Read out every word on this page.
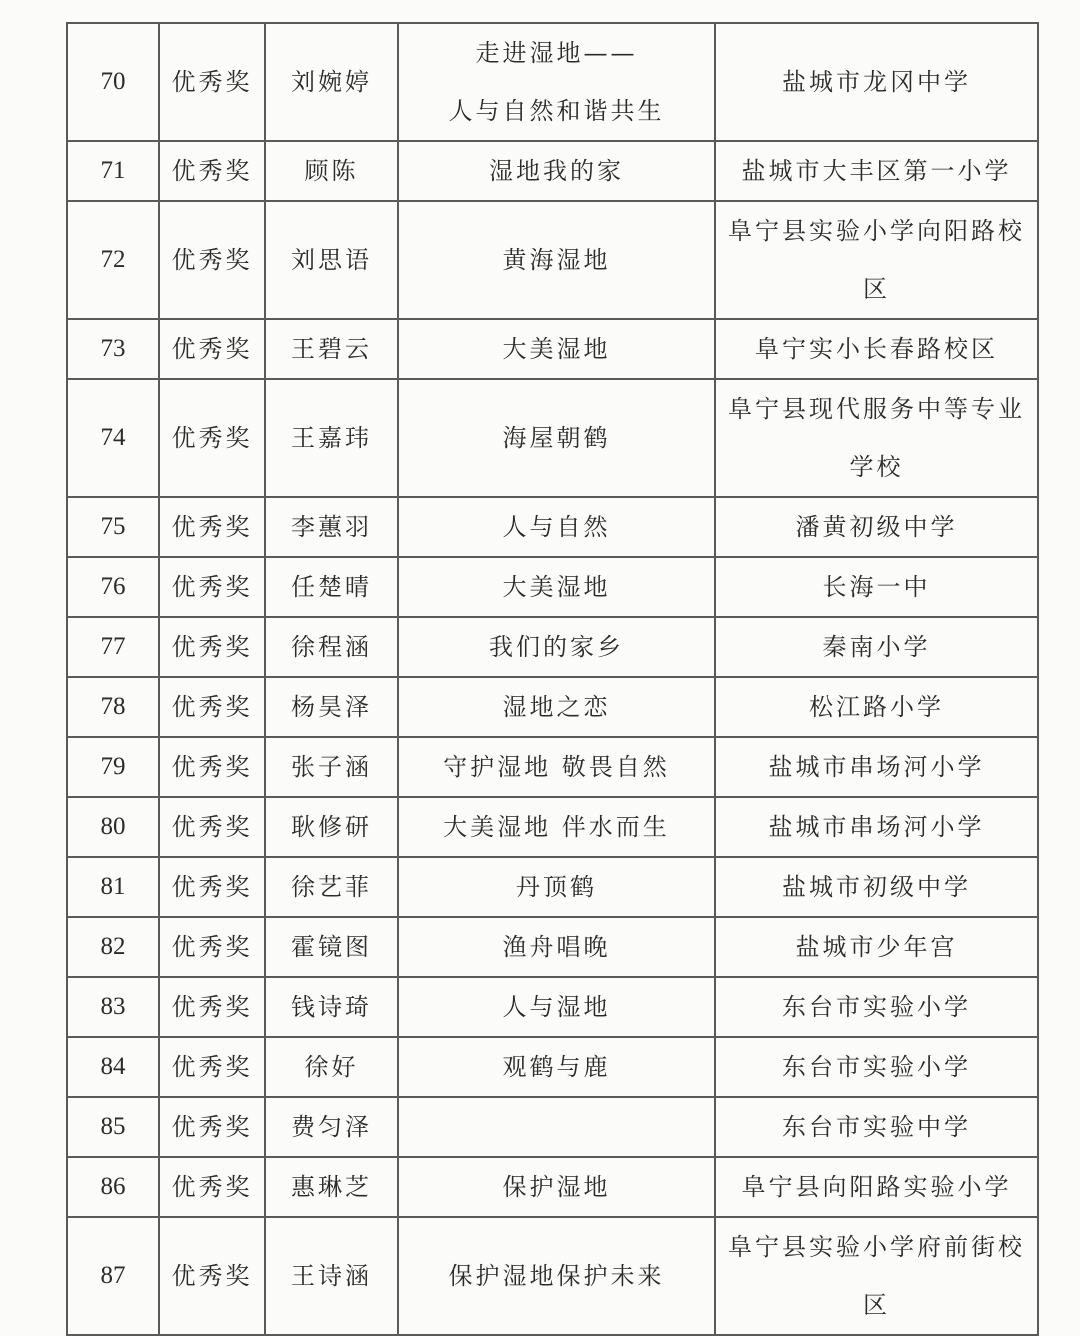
70	优秀奖	刘婉婷	走进湿地——
人与自然和谐共生	盐城市龙冈中学
71	优秀奖	顾陈	湿地我的家	盐城市大丰区第一小学
72	优秀奖	刘思语	黄海湿地	阜宁县实验小学向阳路校
区
73	优秀奖	王碧云	大美湿地	阜宁实小长春路校区
74	优秀奖	王嘉玮	海屋朝鹤	阜宁县现代服务中等专业
学校
75	优秀奖	李蕙羽	人与自然	潘黄初级中学
76	优秀奖	任楚晴	大美湿地	长海一中
77	优秀奖	徐程涵	我们的家乡	秦南小学
78	优秀奖	杨昊泽	湿地之恋	松江路小学
79	优秀奖	张子涵	守护湿地 敬畏自然	盐城市串场河小学
80	优秀奖	耿修研	大美湿地 伴水而生	盐城市串场河小学
81	优秀奖	徐艺菲	丹顶鹤	盐城市初级中学
82	优秀奖	霍镜图	渔舟唱晚	盐城市少年宫
83	优秀奖	钱诗琦	人与湿地	东台市实验小学
84	优秀奖	徐好	观鹤与鹿	东台市实验小学
85	优秀奖	费匀泽		东台市实验中学
86	优秀奖	惠琳芝	保护湿地	阜宁县向阳路实验小学
87	优秀奖	王诗涵	保护湿地保护未来	阜宁县实验小学府前街校
区
